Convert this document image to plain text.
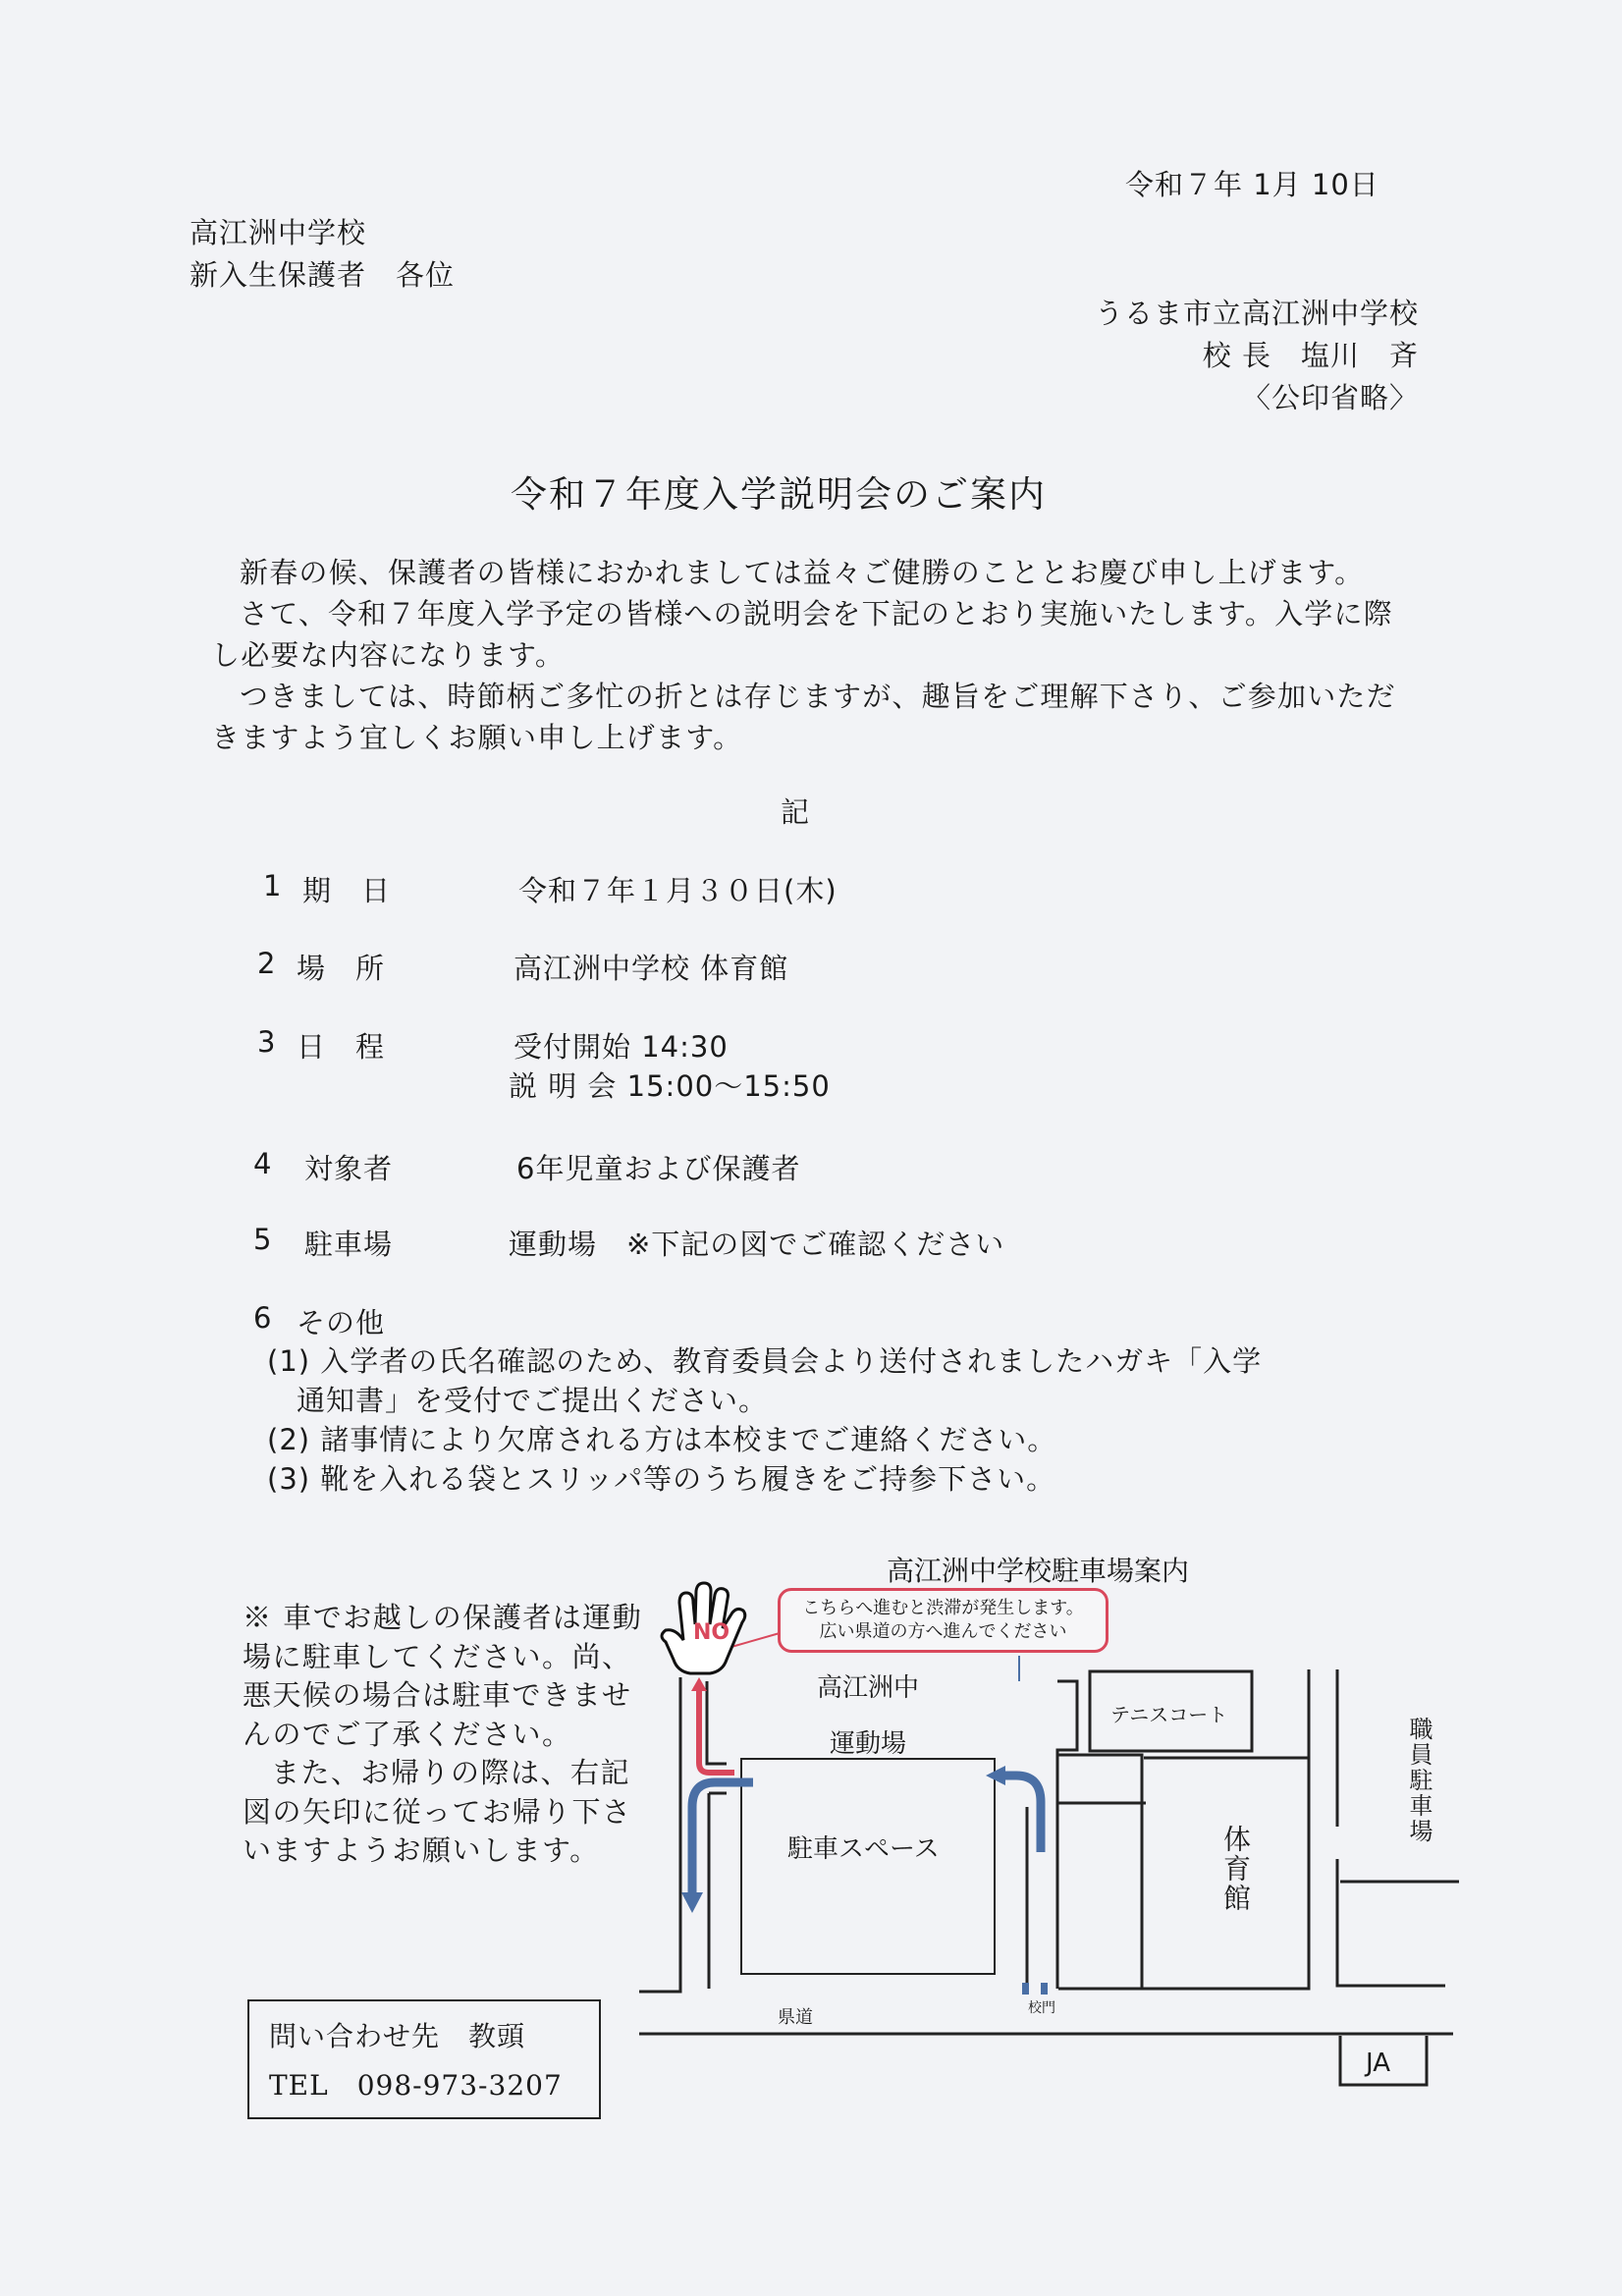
令和７年 1月 10日
高江洲中学校
新入生保護者　各位
うるま市立高江洲中学校
校 長　塩川　斉
〈公印省略〉
令和７年度入学説明会のご案内

新春の候、保護者の皆様におかれましては益々ご健勝のこととお慶び申し上げます。

さて、令和７年度入学予定の皆様への説明会を下記のとおり実施いたします。入学に際し必要な内容になります。

つきましては、時節柄ご多忙の折とは存じますが、趣旨をご理解下さり、ご参加いただきますよう宜しくお願い申し上げます。

記
1 期　日	令和７年１月３０日(木)
2 場　所	高江洲中学校 体育館
3 日　程	受付開始 14:30
説 明 会 15:00～15:50
4 対象者	6年児童および保護者
5 駐車場	運動場　※下記の図でご確認ください
6 その他
(1) 入学者の氏名確認のため、教育委員会より送付されましたハガキ「入学
通知書」を受付でご提出ください。
(2) 諸事情により欠席される方は本校までご連絡ください。
(3) 靴を入れる袋とスリッパ等のうち履きをご持参下さい。

※ 車でお越しの保護者は運動場に駐車してください。尚、悪天候の場合は駐車できませんのでご了承ください。

また、お帰りの際は、右記図の矢印に従ってお帰り下さいますようお願いします。

問い合わせ先　教頭
TEL　098-973-3207
NO
高江洲中学校駐車場案内
こちらへ進むと渋滞が発生します。
広い県道の方へ進んでください
高江洲中
運動場
駐車スペース
テニスコート
体育館
職員駐車場
県道	校門
JA
